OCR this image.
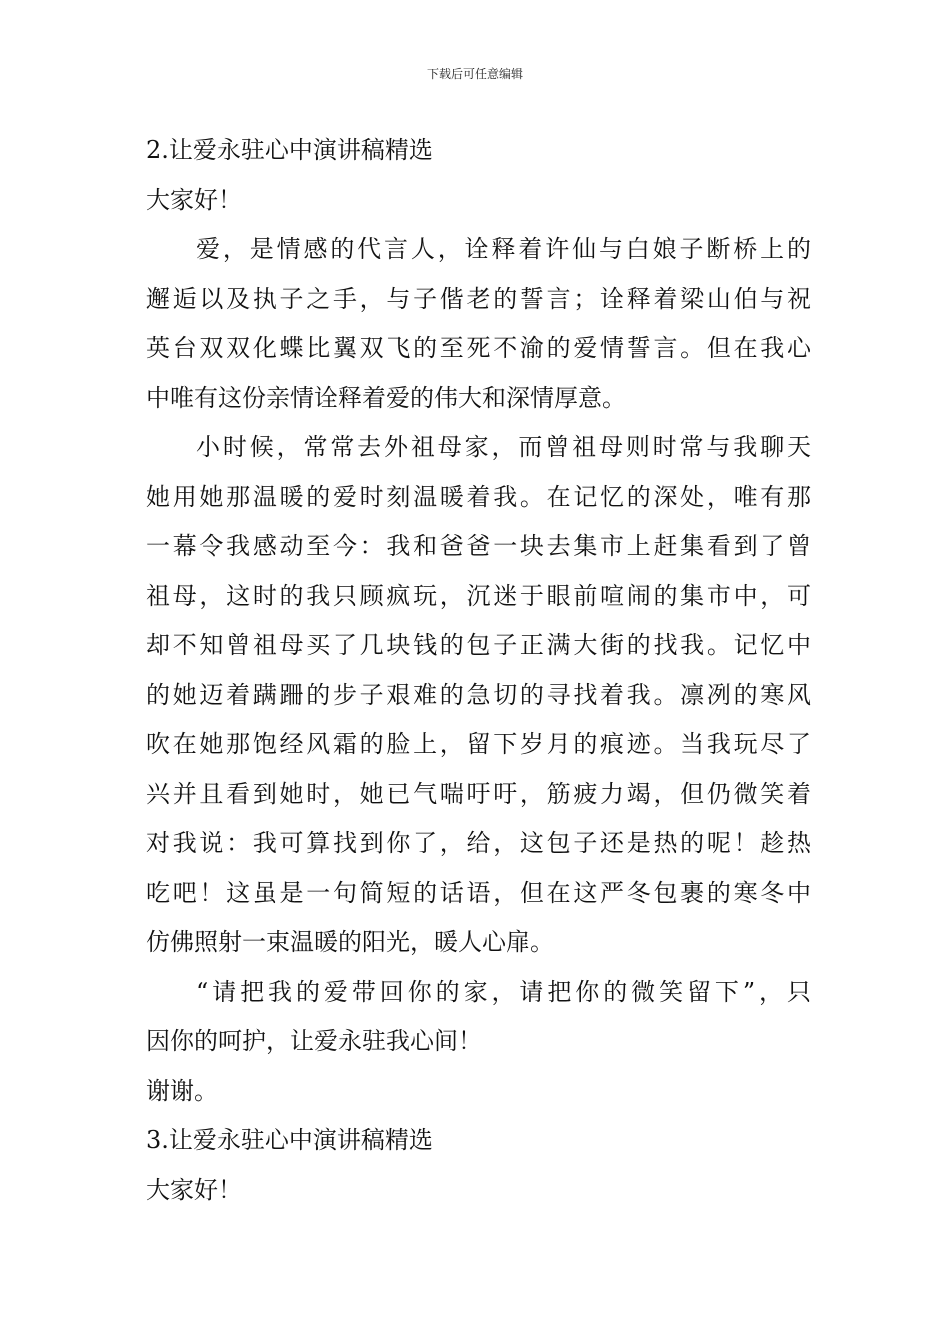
下载后可任意编辑

2.让爱永驻心中演讲稿精选

大家好！

爱，是情感的代言人，诠释着许仙与白娘子断桥上的
邂逅以及执子之手，与子偕老的誓言；诠释着梁山伯与祝
英台双双化蝶比翼双飞的至死不渝的爱情誓言。但在我心
中唯有这份亲情诠释着爱的伟大和深情厚意。

小时候，常常去外祖母家，而曾祖母则时常与我聊天
她用她那温暖的爱时刻温暖着我。在记忆的深处，唯有那
一幕令我感动至今：我和爸爸一块去集市上赶集看到了曾
祖母，这时的我只顾疯玩，沉迷于眼前喧闹的集市中，可
却不知曾祖母买了几块钱的包子正满大街的找我。记忆中
的她迈着蹒跚的步子艰难的急切的寻找着我。凛冽的寒风
吹在她那饱经风霜的脸上，留下岁月的痕迹。当我玩尽了
兴并且看到她时，她已气喘吁吁，筋疲力竭，但仍微笑着
对我说：我可算找到你了，给，这包子还是热的呢！趁热
吃吧！这虽是一句简短的话语，但在这严冬包裹的寒冬中
仿佛照射一束温暖的阳光，暖人心扉。

“请把我的爱带回你的家，请把你的微笑留下”，只
因你的呵护，让爱永驻我心间！

谢谢。

3.让爱永驻心中演讲稿精选

大家好！
